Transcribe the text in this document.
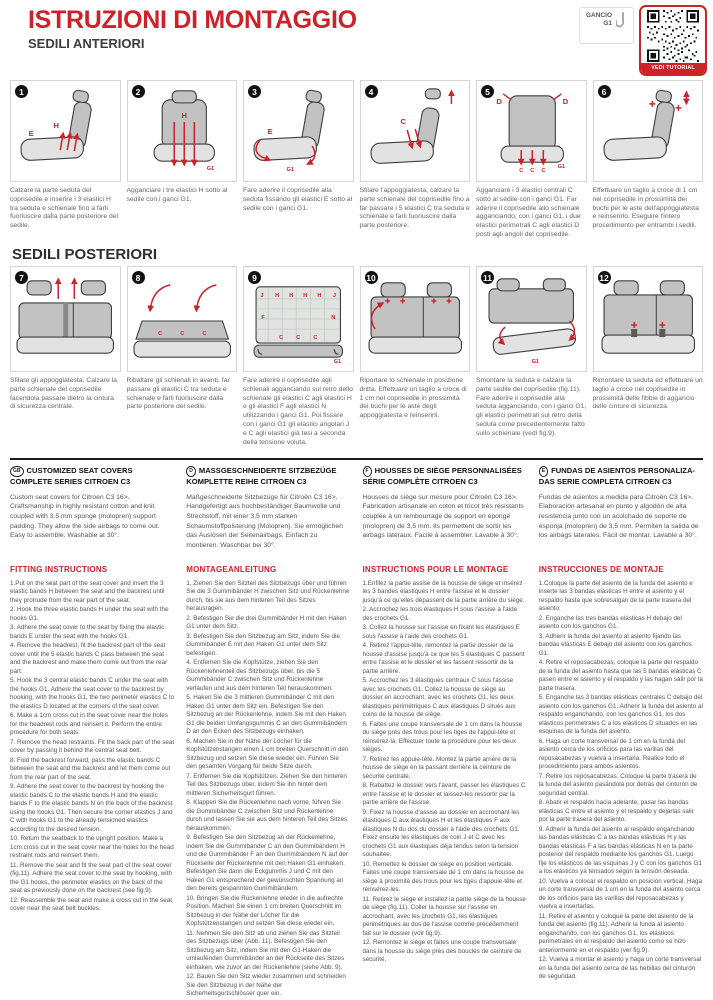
ISTRUZIONI DI MONTAGGIO
SEDILI ANTERIORI
GANCIO
G1
VEDI TUTORIAL
1
H
E
Calzare la parte seduta del coprisedile e inserire i 3 elastici H tra seduta e schienale fino a farli fuoriuscire dalla parte posteriore del sedile.
2
H
G1
Agganciare i tre elastici H sotto al sedile con i ganci G1.
3
E
G1
Fare aderire il coprisedile alla seduta fissando gli elastici E sotto al sedile con i ganci G1.
4
C
Sfilare l'appoggiatesta, calzare la parte schienale del coprisedile fino a far passare i 5 elastici C tra seduta e schienale e farli fuoriuscire dalla parte posteriore.
5
D	D
C C C
G1
Agganciare i 3 elastici centrali C sotto al sedile con i ganci G1. Far aderire il coprisedile allo schienale agganciando, con i ganci G1, i due elastici perimetrali C agli elastici D posti agli angoli del coprisedile.
6
Effettuare un taglio a croce di 1 cm nel coprisedile in prossimità dei buchi per le aste dell'appoggiatesta e reinserirlo. Eseguire l'intero procedimento per entrambi i sedili.
SEDILI POSTERIORI
7
Sfilare gli appoggiatesta. Calzare la parte schienale del coprisedile facendola passare dietro la cintura di sicurezza centrale.
8
C	C	C
Ribaltare gli schienali in avanti, far passare gli elastici C tra seduta e schienale e farli fuoriuscire dalla parte posteriore del sedile.
9
J H H H H J
F	N
C C C
G1
Fare aderire il coprisedile agli schienali agganciando sul retro dello schienale gli elastici C agli elastici H e gli elastici F agli elastici N utilizzando i ganci G1. Poi fissare con i ganci G1 gli elastici angolari J e C agli elastici già tesi a seconda della tensione voluta.
10
Riportare lo schienale in posizione dritta. Effettuare un taglio a croce di 1 cm nel coprisedile in prossimità dei buchi per le aste degli appoggiatesta e reinserirli.
11
G1
Smontare la seduta e calzare la parte sedile del coprisedile (fig.11). Fare aderire il coprisedile alla seduta agganciando, con i ganci G1, gli elastici perimetrali sul retro della seduta come precedentemente fatto sullo schienale (vedi fig.9).
12
Rimontare la seduta ed effettuare un taglio a croce nel coprisedile in prossimità delle fibbie di aggancio delle cinture di sicurezza.
GB CUSTOMIZED SEAT COVERS COMPLETE SERIES CITROEN C3

Custom seat covers for Citroen C3 16>. Craftsmanship in highly resistant cotton and knit coupled with 3.5 mm sponge (molopren) support padding. They allow the side airbags to come out. Easy to assemble. Washable at 30°.

FITTING INSTRUCTIONS

1.Put on the seat part of the seat cover and insert the 3 elastic bands H between the seat and the backrest until they protrude from the rear part of the seat.

2. Hook the three elastic bands H under the seat with the hooks G1.

3. Adhere the seat cover to the seat by fixing the elastic bands E under the seat with the hooks G1.

4. Remove the headrest, fit the backrest part of the seat cover until the 5 elastic bands C pass between the seat and the backrest and make them come out from the rear part.

5. Hook the 3 central elastic bands C under the seat with the hooks G1. Adhere the seat cover to the backrest by hooking, with the hooks G1, the two perimeter elastics C to the elastics D located at the corners of the seat cover.

6. Make a 1cm cross cut in the seat cover near the holes for the headrest rods and reinsert it. Perform the entire procedure for both seats.

7. Remove the head restraints. Fit the back part of the seat cover by passing it behind the central seat belt.

8. Fold the backrest forward, pass the elastic bands C between the seat and the backrest and let them come out from the rear part of the seat.

9. Adhere the seat cover to the backrest by hooking the elastic bands C to the elastic bands H and the elastic bands F to the elastic bands N on the back of the backrest using the hooks G1. Then secure the corner elastics J and C with hooks G1 to the already tensioned elastics according to the desired tension.

10. Return the seatback to the upright position. Make a 1cm cross cut in the seat cover near the holes for the head restraint rods and reinsert them.

11. Remove the seat and fit the seat part of the seat cover (fig.11). Adhere the seat cover to the seat by hooking, with the G1 hooks, the perimeter elastics on the back of the seat as previously done on the backrest (see fig.9).

12. Reassemble the seat and make a cross cut in the seat cover near the seat belt buckles.

D MASSGESCHNEIDERTE SITZBEZÜGE KOMPLETTE REIHE CITROEN C3

Maßgeschneiderte Sitzbezüge für Citroën C3 16>. Handgefertigt aus hochbeständiger Baumwolle und Strechstoff, mit einer 3,5 mm starken Schaumstoffpolsterung (Molopren). Sie ermöglichen das Auslösen der Seitenairbags. Einfach zu montieren. Waschbar bei 30°.

MONTAGEANLEITUNG

1. Ziehen Sie den Sitzteil des Sitzbezugs über und führen Sie die 3 Gummibänder H zwischen Sitz und Rückenlehne durch, bis sie aus dem hinteren Teil des Sitzes herausragen.

2. Befestigen Sie die drei Gummibänder H mit den Haken G1 unter dem Sitz.

3. Befestigen Sie den Sitzbezug am Sitz, indem Sie die Gummibänder E mit den Haken G1 unter dem Sitz befestigen.

4. Entfernen Sie die Kopfstütze, ziehen Sie den Rückenlehnenteil des Sitzbezugs über, bis die 5 Gummibänder C zwischen Sitz und Rückenlehne verlaufen und aus dem hinteren Teil herauskommen.

5. Haken Sie die 3 mittleren Gummibänder C mit den Haken G1 unter dem Sitz ein. Befestigen Sie den Sitzbezug an der Rückenlehne, indem Sie mit den Haken G1 die beiden Umfangsgummis C an den Gummibändern D an den Ecken des Sitzbezugs einhaken.

6. Machen Sie in der Nähe der Löcher für die Kopfstützenstangen einen 1 cm breiten Querschnitt in den Sitzbezug und setzen Sie diese wieder ein. Führen Sie den gesamten Vorgang für beide Sitze durch.

7. Entfernen Sie die Kopfstützen. Ziehen Sie den hinteren Teil des Sitzbezugs über, indem Sie ihn hinter dem mittleren Sicherheitsgurt führen.

8. Klappen Sie die Rückenlehne nach vorne, führen Sie die Gummibänder C zwischen Sitz und Rückenlehne durch und lassen Sie sie aus dem hinteren Teil des Sitzes herauskommen.

9. Befestigen Sie den Sitzbezug an der Rückenlehne, indem Sie die Gummibänder C an den Gummibändern H und die Gummibänder F an den Gummibändern N auf der Rückseite der Rückenlehne mit den Haken G1 einhaken. Befestigen Sie dann die Eckgummis J und C mit den Haken G1 entsprechend der gewünschten Spannung an den bereits gespannten Gummibändern.

10. Bringen Sie die Rückenlehne wieder in die aufrechte Position. Machen Sie einen 1 cm breiten Querschnitt im Sitzbezug in der Nähe der Löcher für die Kopfstützenstangen und setzen Sie diese wieder ein.

11. Nehmen Sie den Sitz ab und ziehen Sie das Sitzteil des Sitzbezugs über (Abb. 11). Befestigen Sie den Sitzbezug am Sitz, indem Sie mit den G1-Haken die umlaufenden Gummibänder an der Rückseite des Sitzes einhaken, wie zuvor an der Rückenlehne (siehe Abb. 9).

12. Bauen Sie den Sitz wieder zusammen und schneiden Sie den Sitzbezug in der Nähe der Sicherheitsgurtschlösser quer ein.

F HOUSSES DE SIÈGE PERSONNALISÉES SÉRIE COMPLÈTE CITROEN C3

Housses de siège sur mesure pour Citroën C3 16>. Fabrication artisanale en coton et tricot très résistants couplée à un rembourrage de support en éponge (molopren) de 3,5 mm. Ils permettent de sortir les airbags latéraux. Facile à assembler. Lavable à 30°.

INSTRUCTIONS POUR LE MONTAGE

1.Enfilez la partie assise de la housse de siège et insérez les 3 bandes élastiques H entre l'assise et le dossier jusqu'à ce qu'elles dépassent de la partie arrière du siège.

2. Accrochez les trois élastiques H sous l'assise à l'aide des crochets G1.

3. Collez la housse sur l'assise en fixant les élastiques E sous l'assise à l'aide des crochets G1.

4. Retirez l'appui-tête, remontez la partie dossier de la housse d'assise jusqu'à ce que les 5 élastiques C passent entre l'assise et le dossier et les fassent ressortir de la partie arrière.

5. Accrochez les 3 élastiques centraux C sous l'assise avec les crochets G1. Collez la housse de siège au dossier en accrochant, avec les crochets G1, les deux élastiques périmétriques C aux élastiques D situés aux coins de la housse de siège.

6. Faites une coupe transversale de 1 cm dans la housse du siège près des trous pour les tiges de l'appui-tête et réinsérez-la. Effectuer toute la procédure pour les deux sièges.

7. Retirez les appuie-tête. Montez la partie arrière de la housse de siège en la passant derrière la ceinture de sécurité centrale.

8. Rabattez le dossier vers l'avant, passer les élastiques C entre l'assise et le dossier et laissez-les ressortir par la partie arrière de l'assise.

9. Fixez la housse d'assise au dossier en accrochant les élastiques C aux élastiques H et les élastiques F aux élastiques N du dos du dossier à l'aide des crochets G1. Fixez ensuite les élastiques de coin J et C avec les crochets G1 aux élastiques déjà tendus selon la tension souhaitée.

10. Remettez le dossier de siège en position verticale. Faites une coupe transversale de 1 cm dans la housse de siège à proximité des trous pour les tiges d'appuie-tête et réinsérez-les.

11. Retirez le siège et installez la partie siège de la housse de siège (fig.11). Coller la housse sur l'assise en accrochant, avec les crochets G1, les élastiques périmétriques au dos de l'assise comme précédemment fait sur le dossier (voir fig.9).

12. Remontez le siège et faites une coupe transversale dans la housse du siège près des boucles de ceinture de sécurité.

E FUNDAS DE ASIENTOS PERSONALIZA-DAS SERIE COMPLETA CITROEN C3

Fundas de asientos a medida para Citroën C3 16>. Elaboración artesanal en punto y algodón de alta resistencia junto con un acolchado de soporte de esponja (molopren) de 3,5 mm. Permiten la salida de los airbags laterales. Fácil de montar. Lavable a 30°.

INSTRUCCIONES DE MONTAJE

1.Coloque la parte del asiento de la funda del asiento e inserte las 3 bandas elásticas H entre el asiento y el respaldo hasta que sobresalgan de la parte trasera del asiento.

2. Enganche las tres bandas elásticas H debajo del asiento con los ganchos G1.

3. Adherir la funda del asiento al asiento fijando las bandas elásticas E debajo del asiento con los ganchos G1.

4. Retire el reposacabezas, coloque la parte del respaldo de la funda del asiento hasta que las 5 bandas elásticas C pasen entre el asiento y el respaldo y las hagan salir por la parte trasera.

5. Enganche las 3 bandas elásticas centrales C debajo del asiento con los ganchos G1. Adherir la funda del asiento al respaldo enganchando, con los ganchos G1, los dos elásticos perimetrales C a los elásticos D situados en las esquinas de la funda del asiento.

6. Haga un corte transversal de 1 cm en la funda del asiento cerca de los orificios para las varillas del reposacabezas y vuelva a insertarla. Realice todo el procedimiento para ambos asientos.

7. Retire los reposacabezas. Coloque la parte trasera de la funda del asiento pasándola por detrás del cinturón de seguridad central.

8. Abatir el respaldo hacia adelante, pasar las bandas elásticas C entre el asiento y el respaldo y dejarlas salir por la parte trasera del asiento.

9. Adherir la funda del asiento al respaldo enganchando las bandas elásticas C a las bandas elásticas H y las bandas elásticas F a las bandas elásticas N en la parte posterior del respaldo mediante los ganchos G1. Luego fije los elásticos de las esquinas J y C con los ganchos G1 a los elásticos ya tensados según la tensión deseada.

10. Vuelva a colocar el respaldo en posición vertical. Haga un corte transversal de 1 cm en la funda del asiento cerca de los orificios para las varillas del reposacabezas y vuelva a insertarlas.

11. Retire el asiento y coloque la parte del asiento de la funda del asiento (fig.11). Adherir la funda al asiento enganchando, con los ganchos G1, los elásticos perimetrales en el respaldo del asiento como se hizo anteriormente en el respaldo (ver fig.9).

12. Vuelva a montar el asiento y haga un corte transversal en la funda del asiento cerca de las hebillas del cinturón de seguridad.
